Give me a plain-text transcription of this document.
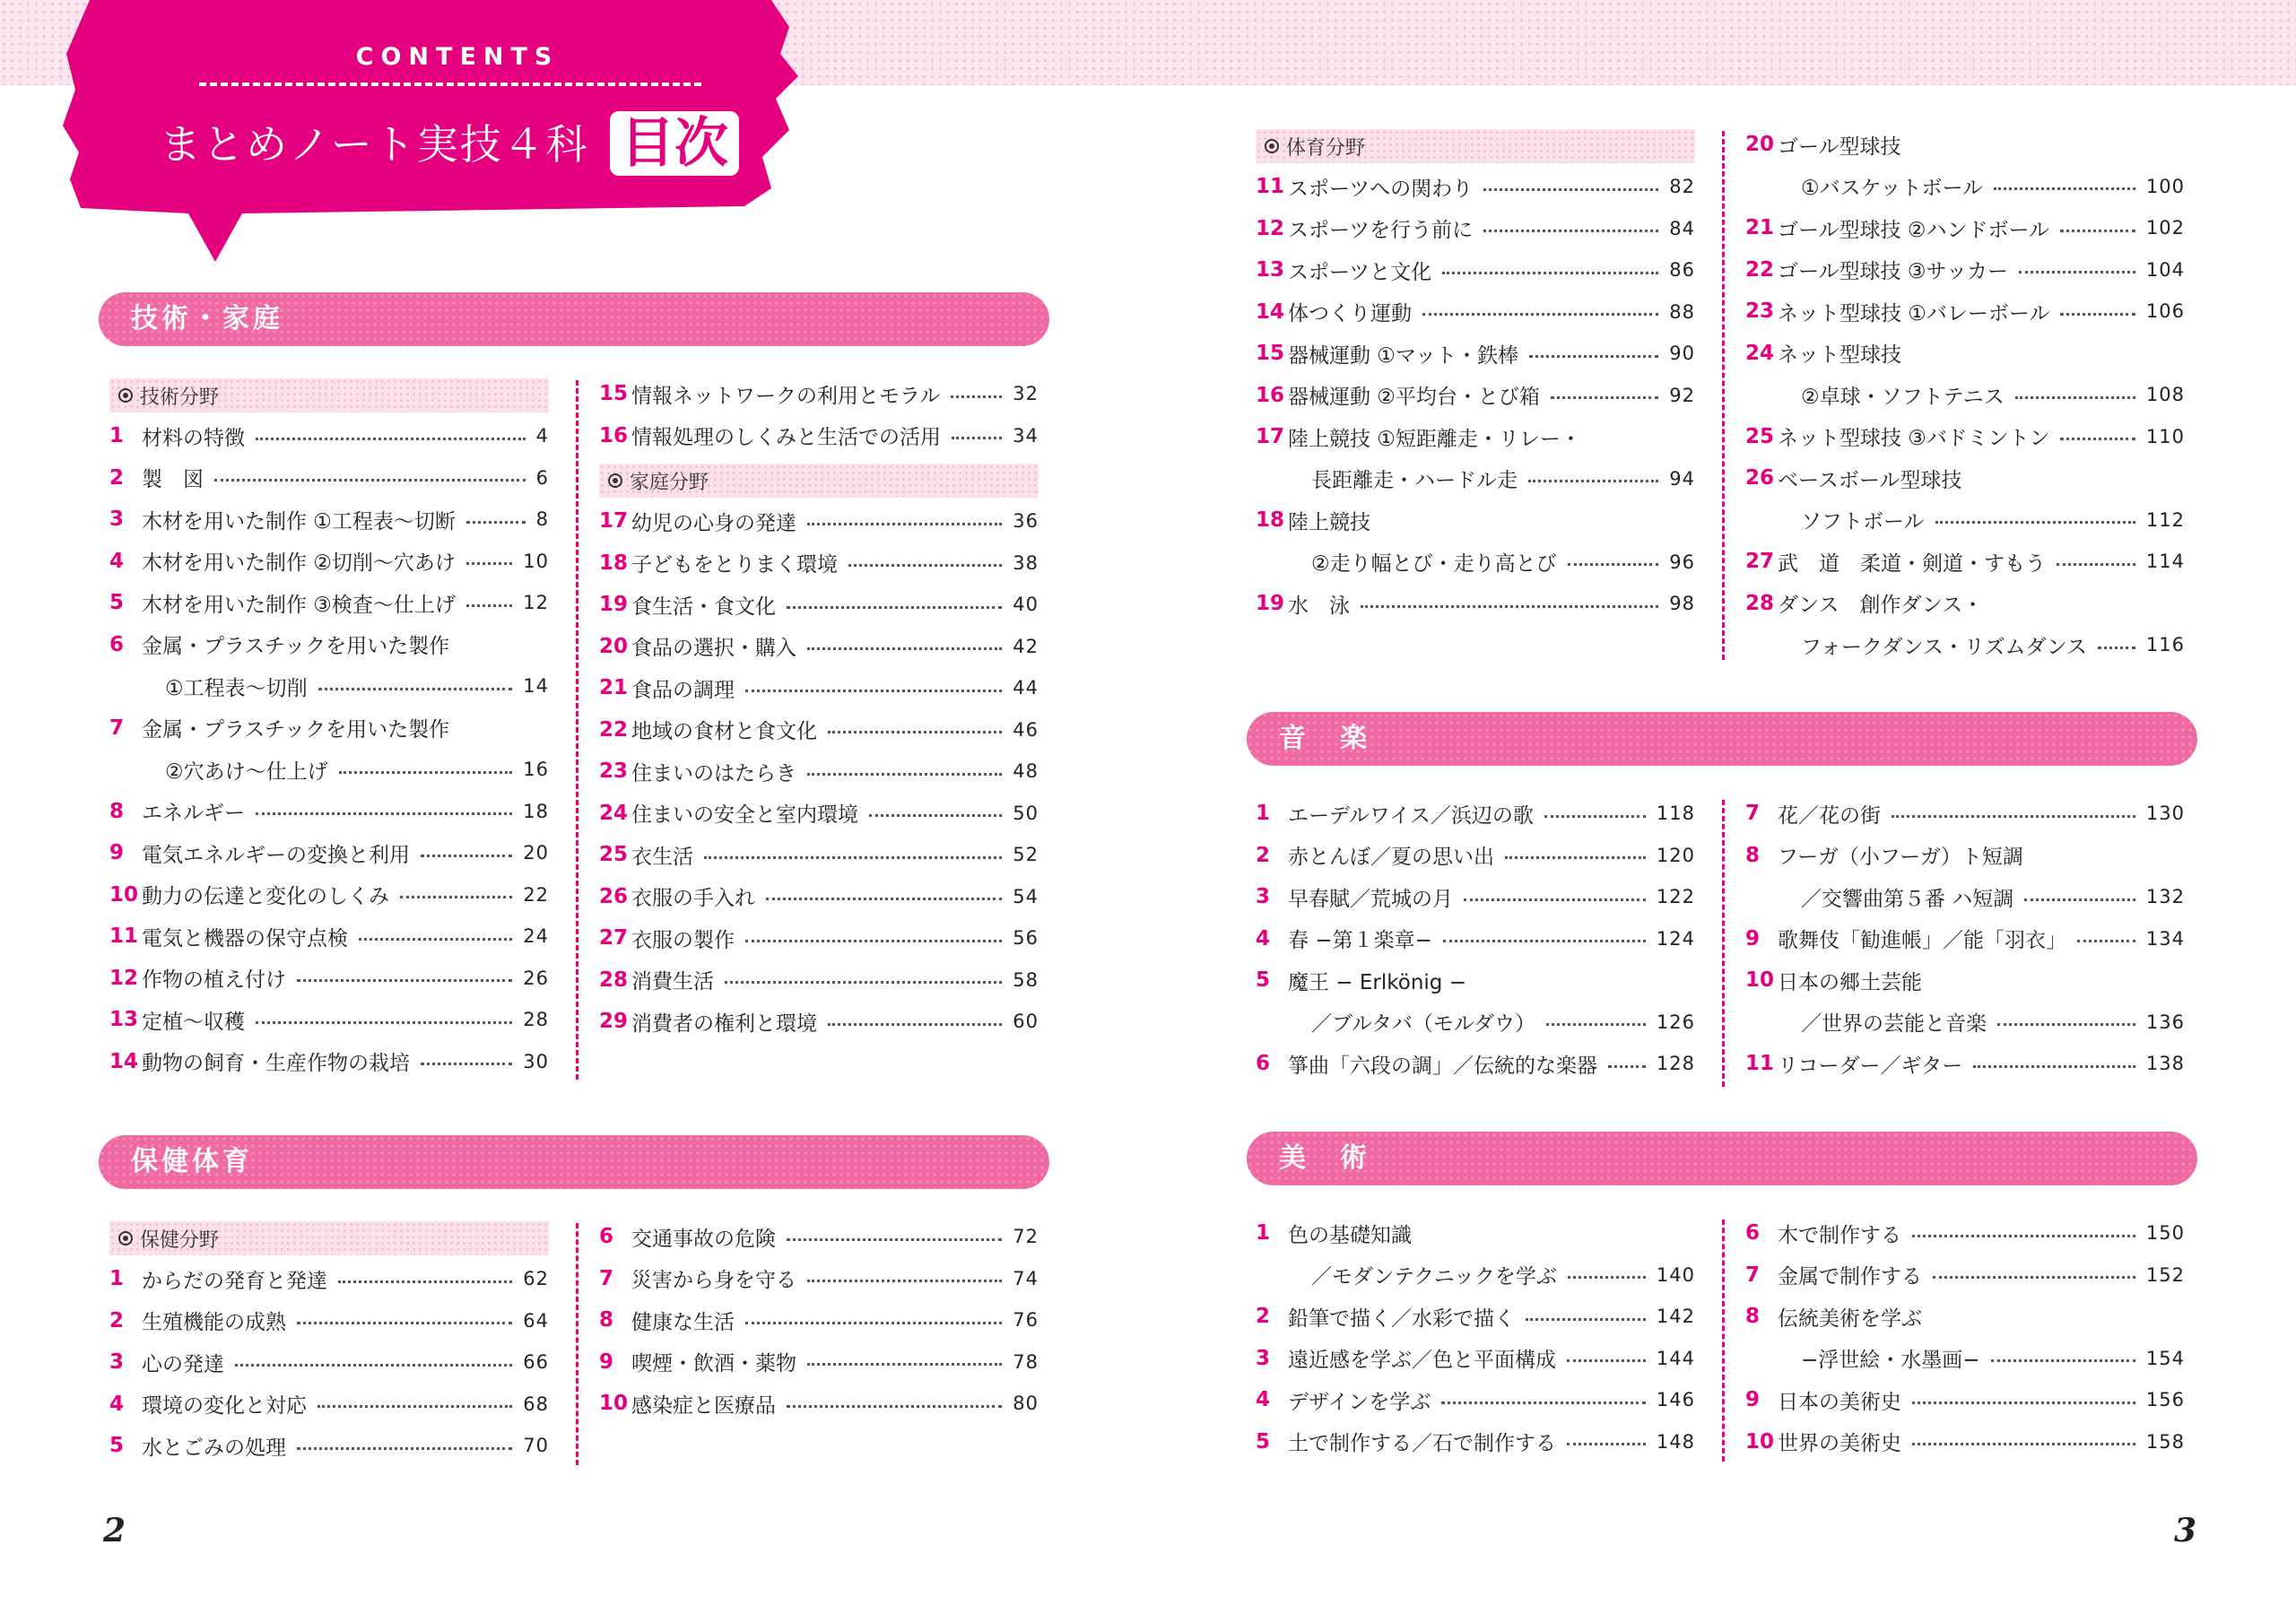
CONTENTS
まとめノート実技４科 目次
技術・家庭
技術分野
1 材料の特徴	4
2 製　図	6
3 木材を用いた制作 ①工程表〜切断	8
4 木材を用いた制作 ②切削〜穴あけ	10
5 木材を用いた制作 ③検査〜仕上げ	12
6 金属・プラスチックを用いた製作
①工程表〜切削	14
7 金属・プラスチックを用いた製作
②穴あけ〜仕上げ	16
8 エネルギー	18
9 電気エネルギーの変換と利用	20
10 動力の伝達と変化のしくみ	22
11 電気と機器の保守点検	24
12 作物の植え付け	26
13 定植〜収穫	28
14 動物の飼育・生産作物の栽培	30
15 情報ネットワークの利用とモラル	32
16 情報処理のしくみと生活での活用	34
家庭分野
17 幼児の心身の発達	36
18 子どもをとりまく環境	38
19 食生活・食文化	40
20 食品の選択・購入	42
21 食品の調理	44
22 地域の食材と食文化	46
23 住まいのはたらき	48
24 住まいの安全と室内環境	50
25 衣生活	52
26 衣服の手入れ	54
27 衣服の製作	56
28 消費生活	58
29 消費者の権利と環境	60
保健体育
保健分野
1 からだの発育と発達	62
2 生殖機能の成熟	64
3 心の発達	66
4 環境の変化と対応	68
5 水とごみの処理	70
6 交通事故の危険	72
7 災害から身を守る	74
8 健康な生活	76
9 喫煙・飲酒・薬物	78
10 感染症と医療品	80
2
体育分野
11 スポーツへの関わり	82
12 スポーツを行う前に	84
13 スポーツと文化	86
14 体つくり運動	88
15 器械運動 ①マット・鉄棒	90
16 器械運動 ②平均台・とび箱	92
17 陸上競技 ①短距離走・リレー・
長距離走・ハードル走	94
18 陸上競技
②走り幅とび・走り高とび	96
19 水　泳	98
20 ゴール型球技
①バスケットボール	100
21 ゴール型球技 ②ハンドボール	102
22 ゴール型球技 ③サッカー	104
23 ネット型球技 ①バレーボール	106
24 ネット型球技
②卓球・ソフトテニス	108
25 ネット型球技 ③バドミントン	110
26 ベースボール型球技
ソフトボール	112
27 武　道　柔道・剣道・すもう	114
28 ダンス　創作ダンス・
フォークダンス・リズムダンス	116
音　楽
1 エーデルワイス／浜辺の歌	118
2 赤とんぼ／夏の思い出	120
3 早春賦／荒城の月	122
4 春 −第１楽章−	124
5 魔王 − Erlkönig −
／ブルタバ（モルダウ）	126
6 箏曲「六段の調」／伝統的な楽器	128
7 花／花の街	130
8 フーガ（小フーガ）ト短調
／交響曲第５番 ハ短調	132
9 歌舞伎「勧進帳」／能「羽衣」	134
10 日本の郷土芸能
／世界の芸能と音楽	136
11 リコーダー／ギター	138
美　術
1 色の基礎知識
／モダンテクニックを学ぶ	140
2 鉛筆で描く／水彩で描く	142
3 遠近感を学ぶ／色と平面構成	144
4 デザインを学ぶ	146
5 土で制作する／石で制作する	148
6 木で制作する	150
7 金属で制作する	152
8 伝統美術を学ぶ
−浮世絵・水墨画−	154
9 日本の美術史	156
10 世界の美術史	158
3
